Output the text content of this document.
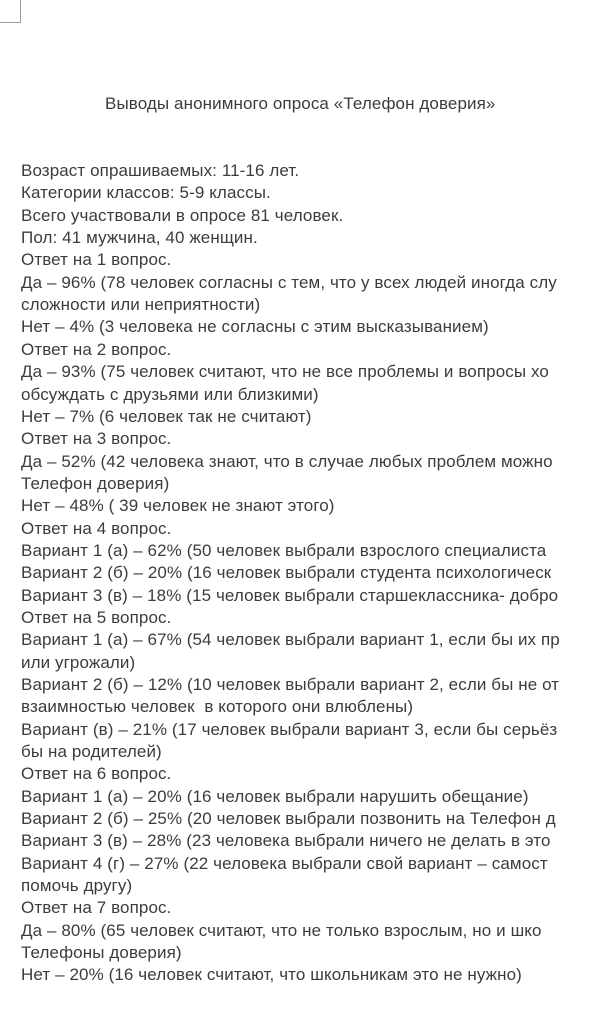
Выводы анонимного опроса «Телефон доверия»

Возраст опрашиваемых: 11-16 лет.
Категории классов: 5-9 классы.
Всего участвовали в опросе 81 человек.
Пол: 41 мужчина, 40 женщин.
Ответ на 1 вопрос.
Да – 96% (78 человек согласны с тем, что у всех людей иногда слу
сложности или неприятности)
Нет – 4% (3 человека не согласны с этим высказыванием)
Ответ на 2 вопрос.
Да – 93% (75 человек считают, что не все проблемы и вопросы хо
обсуждать с друзьями или близкими)
Нет – 7% (6 человек так не считают)
Ответ на 3 вопрос.
Да – 52% (42 человека знают, что в случае любых проблем можно
Телефон доверия)
Нет – 48% ( 39 человек не знают этого)
Ответ на 4 вопрос.
Вариант 1 (а) – 62% (50 человек выбрали взрослого специалиста
Вариант 2 (б) – 20% (16 человек выбрали студента психологическ
Вариант 3 (в) – 18% (15 человек выбрали старшеклассника- добро
Ответ на 5 вопрос.
Вариант 1 (а) – 67% (54 человек выбрали вариант 1, если бы их пр
или угрожали)
Вариант 2 (б) – 12% (10 человек выбрали вариант 2, если бы не от
взаимностью человек  в которого они влюблены)
Вариант (в) – 21% (17 человек выбрали вариант 3, если бы серьёз
бы на родителей)
Ответ на 6 вопрос.
Вариант 1 (а) – 20% (16 человек выбрали нарушить обещание)
Вариант 2 (б) – 25% (20 человек выбрали позвонить на Телефон д
Вариант 3 (в) – 28% (23 человека выбрали ничего не делать в это
Вариант 4 (г) – 27% (22 человека выбрали свой вариант – самост
помочь другу)
Ответ на 7 вопрос.
Да – 80% (65 человек считают, что не только взрослым, но и шко
Телефоны доверия)
Нет – 20% (16 человек считают, что школьникам это не нужно)
